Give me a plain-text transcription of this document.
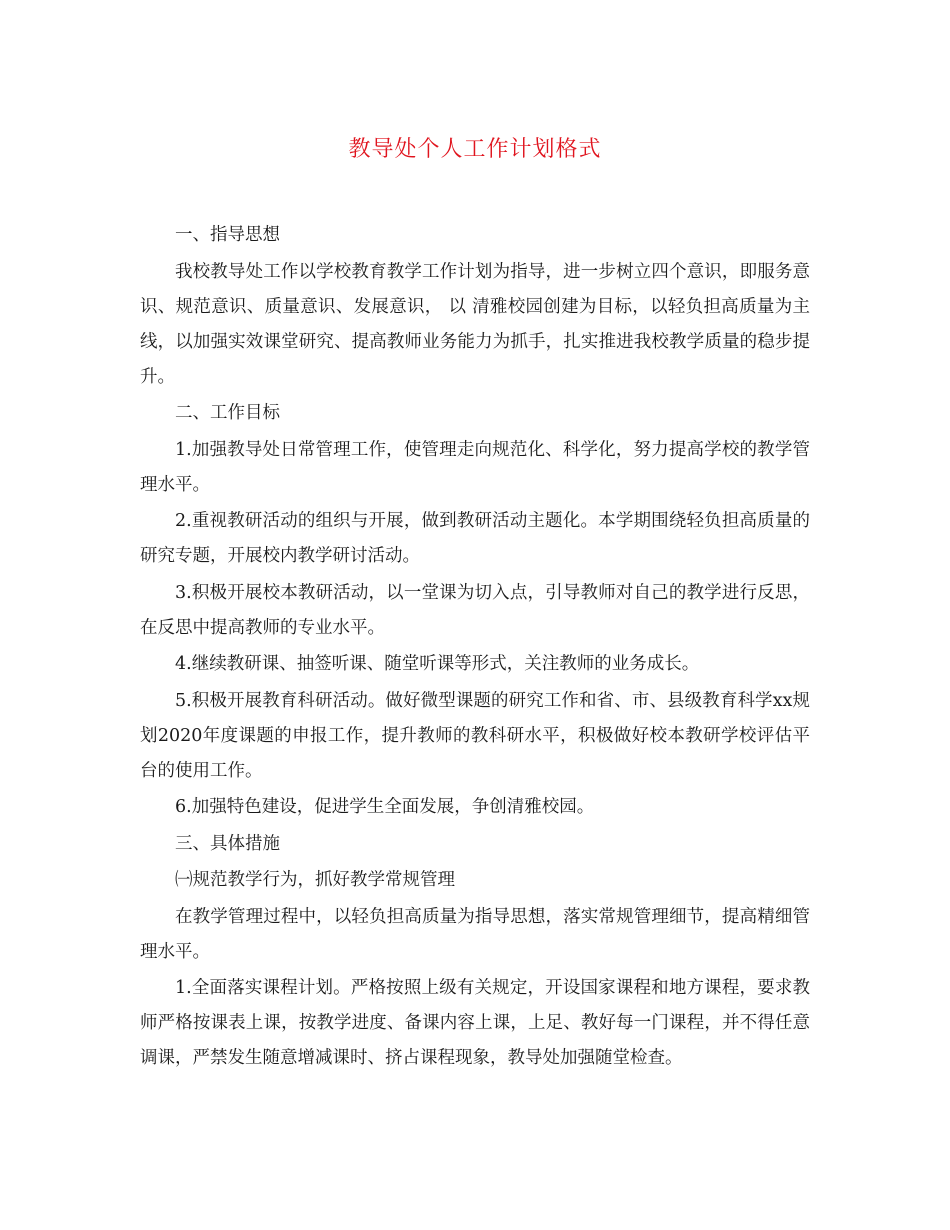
教导处个人工作计划格式

一、指导思想

我校教导处工作以学校教育教学工作计划为指导，进一步树立四个意识，即服务意识、规范意识、质量意识、发展意识， 以 清雅校园创建为目标，以轻负担高质量为主线，以加强实效课堂研究、提高教师业务能力为抓手，扎实推进我校教学质量的稳步提升。

二、工作目标

1.加强教导处日常管理工作，使管理走向规范化、科学化，努力提高学校的教学管理水平。

2.重视教研活动的组织与开展，做到教研活动主题化。本学期围绕轻负担高质量的研究专题，开展校内教学研讨活动。

3.积极开展校本教研活动，以一堂课为切入点，引导教师对自己的教学进行反思，在反思中提高教师的专业水平。

4.继续教研课、抽签听课、随堂听课等形式，关注教师的业务成长。

5.积极开展教育科研活动。做好微型课题的研究工作和省、市、县级教育科学xx规划2020年度课题的申报工作，提升教师的教科研水平，积极做好校本教研学校评估平台的使用工作。

6.加强特色建设，促进学生全面发展，争创清雅校园。

三、具体措施

㈠规范教学行为，抓好教学常规管理

在教学管理过程中，以轻负担高质量为指导思想，落实常规管理细节，提高精细管理水平。

1.全面落实课程计划。严格按照上级有关规定，开设国家课程和地方课程，要求教师严格按课表上课，按教学进度、备课内容上课，上足、教好每一门课程，并不得任意调课，严禁发生随意增减课时、挤占课程现象，教导处加强随堂检查。
